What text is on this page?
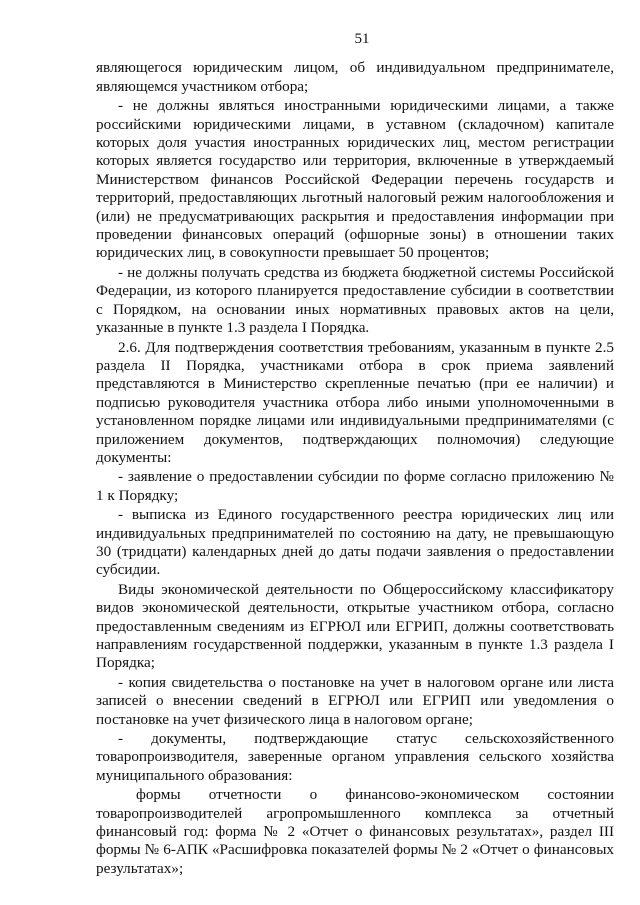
51

являющегося юридическим лицом, об индивидуальном предпринимателе, являющемся участником отбора;

- не должны являться иностранными юридическими лицами, а также российскими юридическими лицами, в уставном (складочном) капитале которых доля участия иностранных юридических лиц, местом регистрации которых является государство или территория, включенные в утверждаемый Министерством финансов Российской Федерации перечень государств и территорий, предоставляющих льготный налоговый режим налогообложения и (или) не предусматривающих раскрытия и предоставления информации при проведении финансовых операций (офшорные зоны) в отношении таких юридических лиц, в совокупности превышает 50 процентов;

- не должны получать средства из бюджета бюджетной системы Российской Федерации, из которого планируется предоставление субсидии в соответствии с Порядком, на основании иных нормативных правовых актов на цели, указанные в пункте 1.3 раздела I Порядка.

2.6. Для подтверждения соответствия требованиям, указанным в пункте 2.5 раздела II Порядка, участниками отбора в срок приема заявлений представляются в Министерство скрепленные печатью (при ее наличии) и подписью руководителя участника отбора либо иными уполномоченными в установленном порядке лицами или индивидуальными предпринимателями (с приложением документов, подтверждающих полномочия) следующие документы:

- заявление о предоставлении субсидии по форме согласно приложению № 1 к Порядку;

- выписка из Единого государственного реестра юридических лиц или индивидуальных предпринимателей по состоянию на дату, не превышающую 30 (тридцати) календарных дней до даты подачи заявления о предоставлении субсидии.

Виды экономической деятельности по Общероссийскому классификатору видов экономической деятельности, открытые участником отбора, согласно предоставленным сведениям из ЕГРЮЛ или ЕГРИП, должны соответствовать направлениям государственной поддержки, указанным в пункте 1.3 раздела I Порядка;

- копия свидетельства о постановке на учет в налоговом органе или листа записей о внесении сведений в ЕГРЮЛ или ЕГРИП или уведомления о постановке на учет физического лица в налоговом органе;

- документы, подтверждающие статус сельскохозяйственного товаропроизводителя, заверенные органом управления сельского хозяйства муниципального образования:

формы отчетности о финансово-экономическом состоянии товаропроизводителей агропромышленного комплекса за отчетный финансовый год: форма № 2 «Отчет о финансовых результатах», раздел III формы № 6-АПК «Расшифровка показателей формы № 2 «Отчет о финансовых результатах»;
